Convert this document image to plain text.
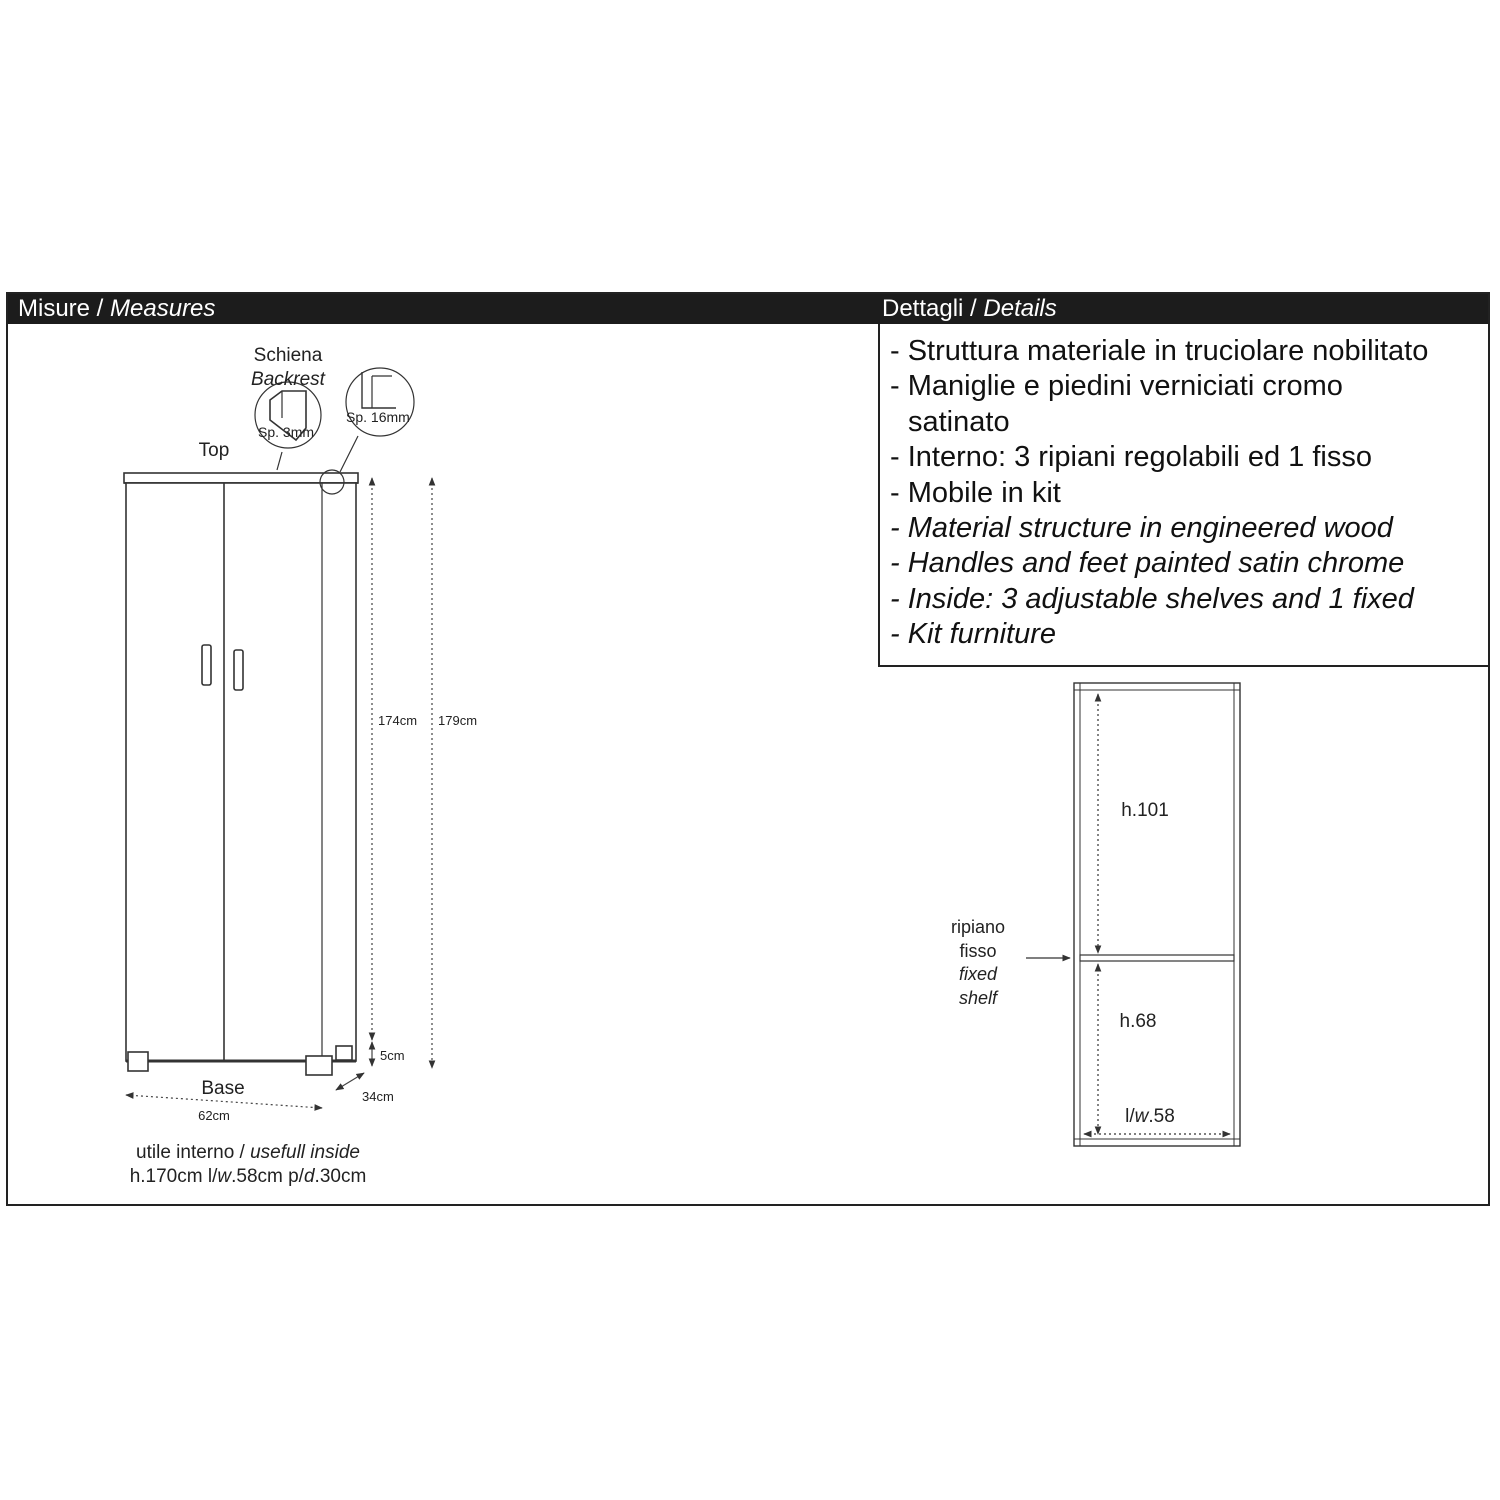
Misure / Measures	Dettagli / Details
- Struttura materiale in truciolare nobilitato
- Maniglie e piedini verniciati cromo
satinato
- Interno: 3 ripiani regolabili ed 1 fisso
- Mobile in kit
- Material structure in engineered wood
- Handles and feet painted satin chrome
- Inside: 3 adjustable shelves and 1 fixed
- Kit furniture
Schiena
Backrest
Sp. 3mm
Sp. 16mm
Top
174cm 179cm
5cm
34cm
Base
62cm
utile interno / usefull inside
h.170cm l/w.58cm p/d.30cm
h.101
h.68
l/w.58
ripiano
fisso
fixed
shelf
